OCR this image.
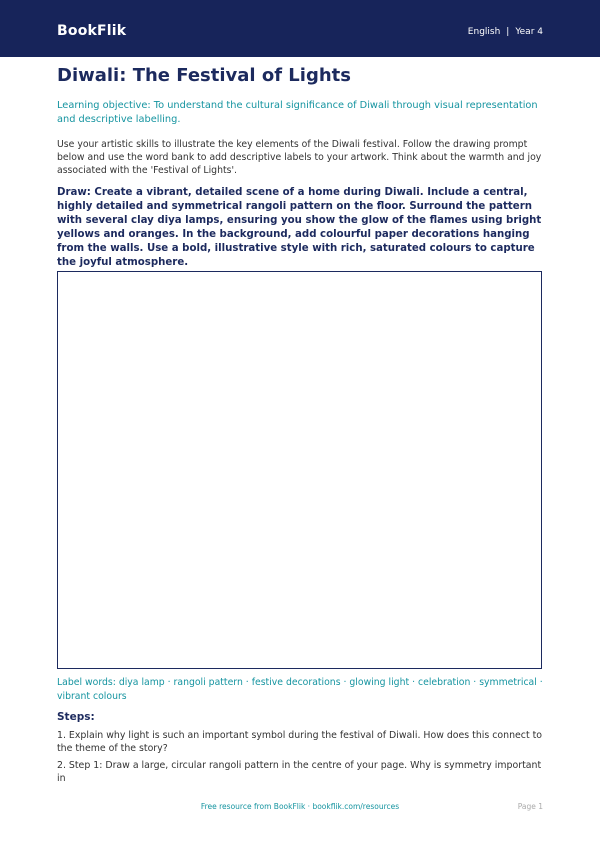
BookFlik	English | Year 4
Diwali: The Festival of Lights
Learning objective: To understand the cultural significance of Diwali through visual representation and descriptive labelling.
Use your artistic skills to illustrate the key elements of the Diwali festival. Follow the drawing prompt below and use the word bank to add descriptive labels to your artwork. Think about the warmth and joy associated with the 'Festival of Lights'.
Draw: Create a vibrant, detailed scene of a home during Diwali. Include a central, highly detailed and symmetrical rangoli pattern on the floor. Surround the pattern with several clay diya lamps, ensuring you show the glow of the flames using bright yellows and oranges. In the background, add colourful paper decorations hanging from the walls. Use a bold, illustrative style with rich, saturated colours to capture the joyful atmosphere.
Label words: diya lamp · rangoli pattern · festive decorations · glowing light · celebration · symmetrical · vibrant colours
Steps:
1. Explain why light is such an important symbol during the festival of Diwali. How does this connect to the theme of the story?
2. Step 1: Draw a large, circular rangoli pattern in the centre of your page. Why is symmetry important in
Free resource from BookFlik · bookflik.com/resources	Page 1
